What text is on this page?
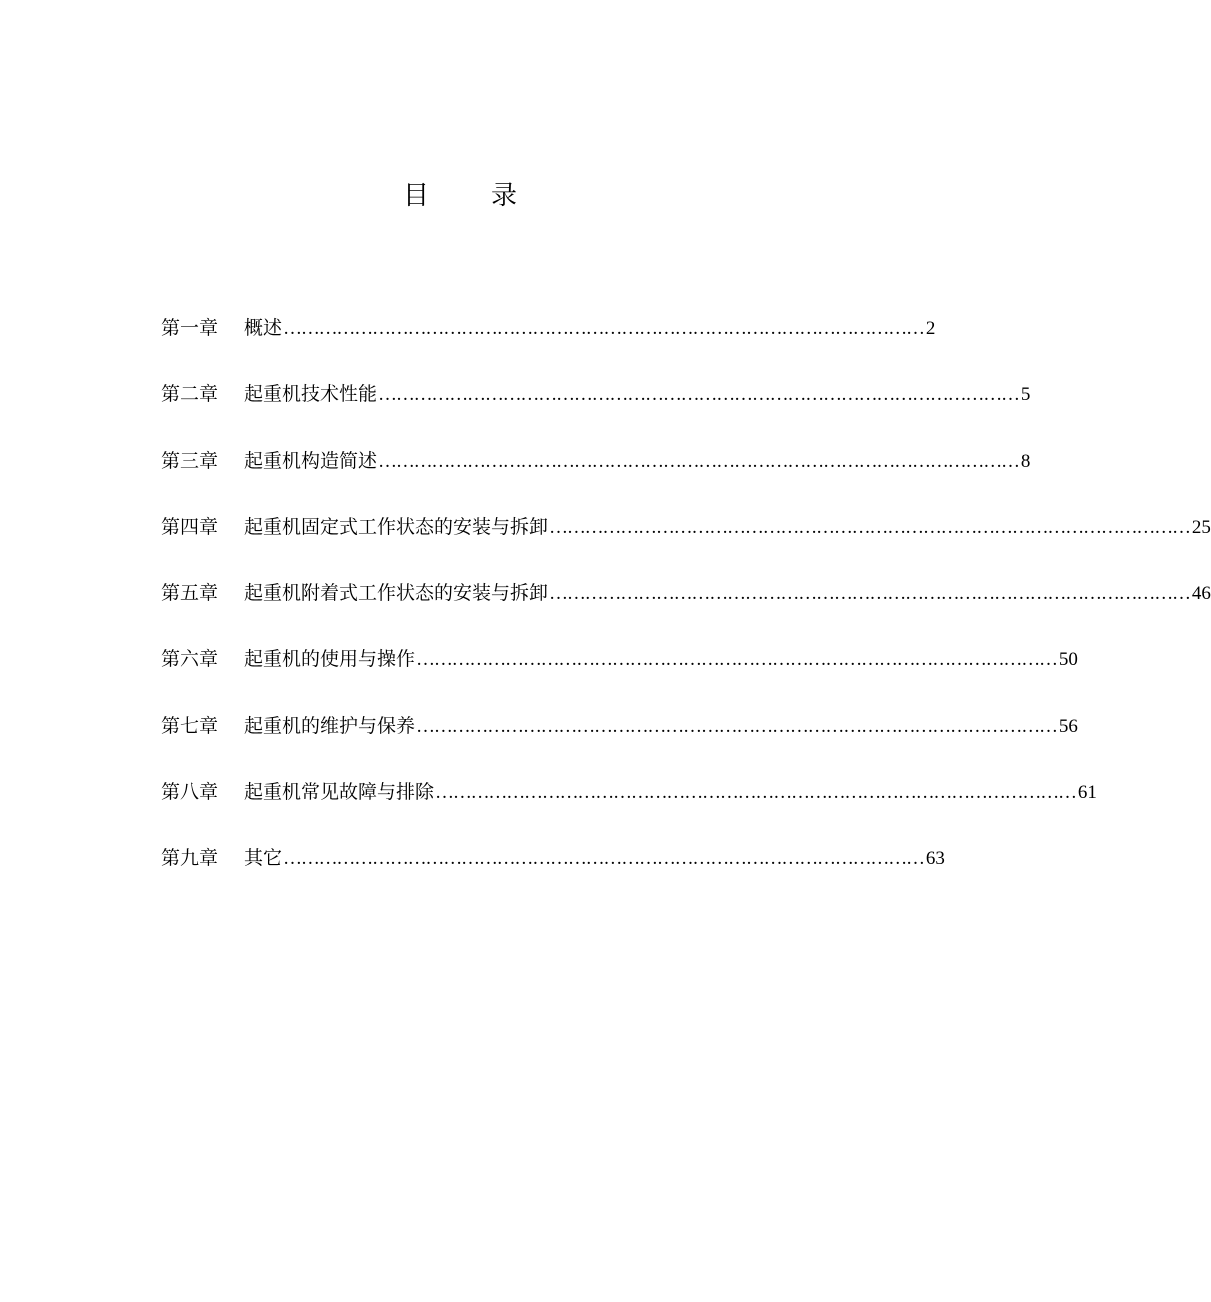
目 录
第一章	概述 ……………………………………………………………………………………………… 2
第二章	起重机技术性能 ……………………………………………………………………………………………… 5
第三章	起重机构造简述 ……………………………………………………………………………………………… 8
第四章	起重机固定式工作状态的安装与拆卸 ……………………………………………………………………………………………… 25
第五章	起重机附着式工作状态的安装与拆卸 ……………………………………………………………………………………………… 46
第六章	起重机的使用与操作 ……………………………………………………………………………………………… 50
第七章	起重机的维护与保养 ……………………………………………………………………………………………… 56
第八章	起重机常见故障与排除 ……………………………………………………………………………………………… 61
第九章	其它 ……………………………………………………………………………………………… 63
